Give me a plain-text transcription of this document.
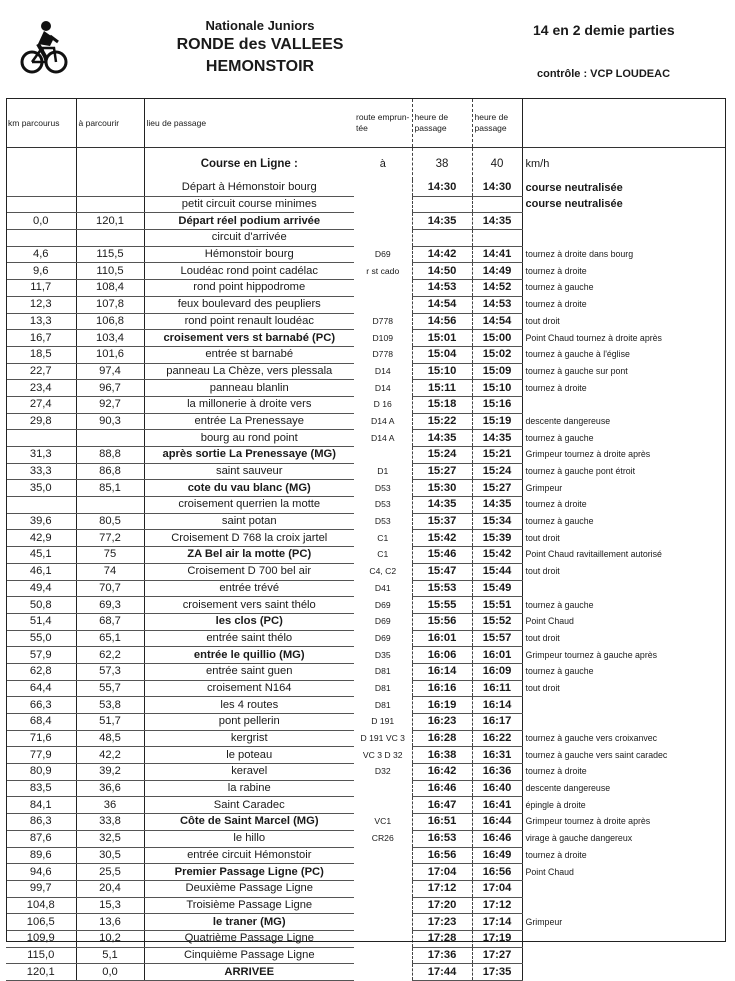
Nationale Juniors
RONDE des VALLEES
HEMONSTOIR
14 en 2 demie parties
contrôle : VCP LOUDEAC
km parcourus	à parcourir	lieu de passage	route emprun-tée	heure de passage	heure de passage	
		Course en Ligne :	à	38	40	km/h
		Départ à Hémonstoir bourg		14:30	14:30	course neutralisée
		petit circuit course minimes				course neutralisée
0,0	120,1	Départ réel podium arrivée		14:35	14:35	
		circuit d'arrivée				
4,6	115,5	Hémonstoir bourg	D69	14:42	14:41	tournez à droite dans bourg
9,6	110,5	Loudéac rond point cadélac	r st cado	14:50	14:49	tournez à droite
11,7	108,4	rond point hippodrome		14:53	14:52	tournez à gauche
12,3	107,8	feux boulevard des peupliers		14:54	14:53	tournez à droite
13,3	106,8	rond point renault loudéac	D778	14:56	14:54	tout droit
16,7	103,4	croisement vers st barnabé (PC)	D109	15:01	15:00	Point Chaud tournez à droite après
18,5	101,6	entrée st barnabé	D778	15:04	15:02	tournez à gauche à l'église
22,7	97,4	panneau La Chèze, vers plessala	D14	15:10	15:09	tournez à gauche sur pont
23,4	96,7	panneau blanlin	D14	15:11	15:10	tournez à droite
27,4	92,7	la millonerie à droite vers	D 16	15:18	15:16	
29,8	90,3	entrée La Prenessaye	D14 A	15:22	15:19	descente dangereuse
		bourg au rond point	D14 A	14:35	14:35	tournez à gauche
31,3	88,8	après sortie La Prenessaye (MG)		15:24	15:21	Grimpeur tournez à droite après
33,3	86,8	saint sauveur	D1	15:27	15:24	tournez à gauche pont étroit
35,0	85,1	cote du vau blanc (MG)	D53	15:30	15:27	Grimpeur
		croisement querrien la motte	D53	14:35	14:35	tournez à droite
39,6	80,5	saint potan	D53	15:37	15:34	tournez à gauche
42,9	77,2	Croisement D 768 la croix jartel	C1	15:42	15:39	tout droit
45,1	75	ZA Bel air la motte (PC)	C1	15:46	15:42	Point Chaud ravitaillement autorisé
46,1	74	Croisement D 700 bel air	C4, C2	15:47	15:44	tout droit
49,4	70,7	entrée trévé	D41	15:53	15:49	
50,8	69,3	croisement vers saint thélo	D69	15:55	15:51	tournez à gauche
51,4	68,7	les clos (PC)	D69	15:56	15:52	Point Chaud
55,0	65,1	entrée saint thélo	D69	16:01	15:57	tout droit
57,9	62,2	entrée le quillio (MG)	D35	16:06	16:01	Grimpeur tournez à gauche après
62,8	57,3	entrée saint guen	D81	16:14	16:09	tournez à gauche
64,4	55,7	croisement N164	D81	16:16	16:11	tout droit
66,3	53,8	les 4 routes	D81	16:19	16:14	
68,4	51,7	pont pellerin	D 191	16:23	16:17	
71,6	48,5	kergrist	D 191 VC 3	16:28	16:22	tournez à gauche vers croixanvec
77,9	42,2	le poteau	VC 3 D 32	16:38	16:31	tournez à gauche vers saint caradec
80,9	39,2	keravel	D32	16:42	16:36	tournez à droite
83,5	36,6	la rabine		16:46	16:40	descente dangereuse
84,1	36	Saint Caradec		16:47	16:41	épingle à droite
86,3	33,8	Côte de Saint Marcel (MG)	VC1	16:51	16:44	Grimpeur tournez à droite après
87,6	32,5	le hillo	CR26	16:53	16:46	virage à gauche dangereux
89,6	30,5	entrée circuit Hémonstoir		16:56	16:49	tournez à droite
94,6	25,5	Premier Passage Ligne (PC)		17:04	16:56	Point Chaud
99,7	20,4	Deuxième Passage Ligne		17:12	17:04	
104,8	15,3	Troisième Passage Ligne		17:20	17:12	
106,5	13,6	le traner (MG)		17:23	17:14	Grimpeur
109,9	10,2	Quatrième Passage Ligne		17:28	17:19	
115,0	5,1	Cinquième Passage Ligne		17:36	17:27	
120,1	0,0	ARRIVEE		17:44	17:35	
